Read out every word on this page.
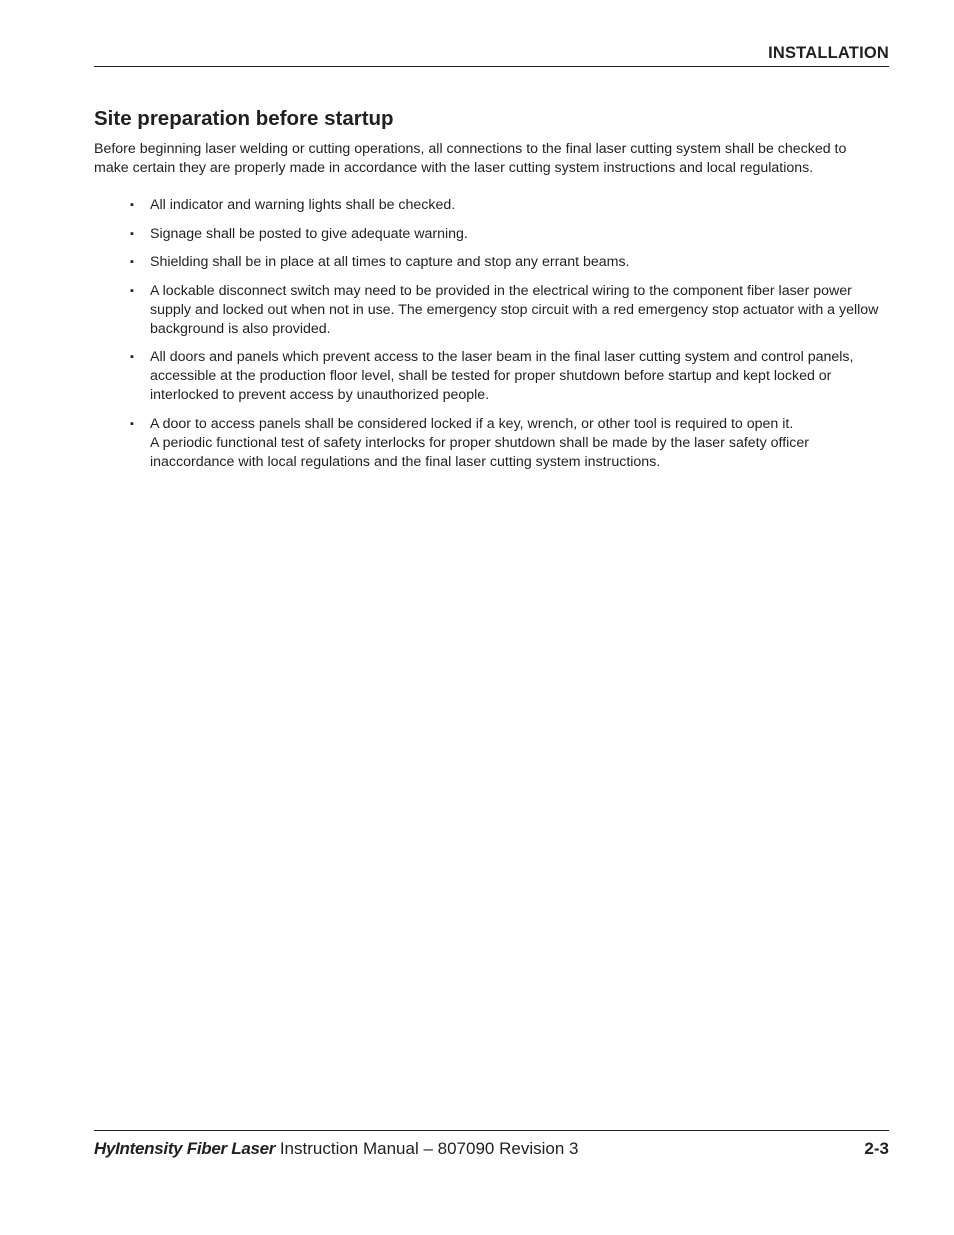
INSTALLATION
Site preparation before startup

Before beginning laser welding or cutting operations, all connections to the final laser cutting system shall be checked to make certain they are properly made in accordance with the laser cutting system instructions and local regulations.

▪ All indicator and warning lights shall be checked.
▪ Signage shall be posted to give adequate warning.
▪ Shielding shall be in place at all times to capture and stop any errant beams.
▪ A lockable disconnect switch may need to be provided in the electrical wiring to the component fiber laser power supply and locked out when not in use. The emergency stop circuit with a red emergency stop actuator with a yellow background is also provided.
▪ All doors and panels which prevent access to the laser beam in the final laser cutting system and control panels, accessible at the production floor level, shall be tested for proper shutdown before startup and kept locked or interlocked to prevent access by unauthorized people.
▪ A door to access panels shall be considered locked if a key, wrench, or other tool is required to open it.
A periodic functional test of safety interlocks for proper shutdown shall be made by the laser safety officer inaccordance with local regulations and the final laser cutting system instructions.
HyIntensity Fiber Laser Instruction Manual – 807090 Revision 3	2-3
